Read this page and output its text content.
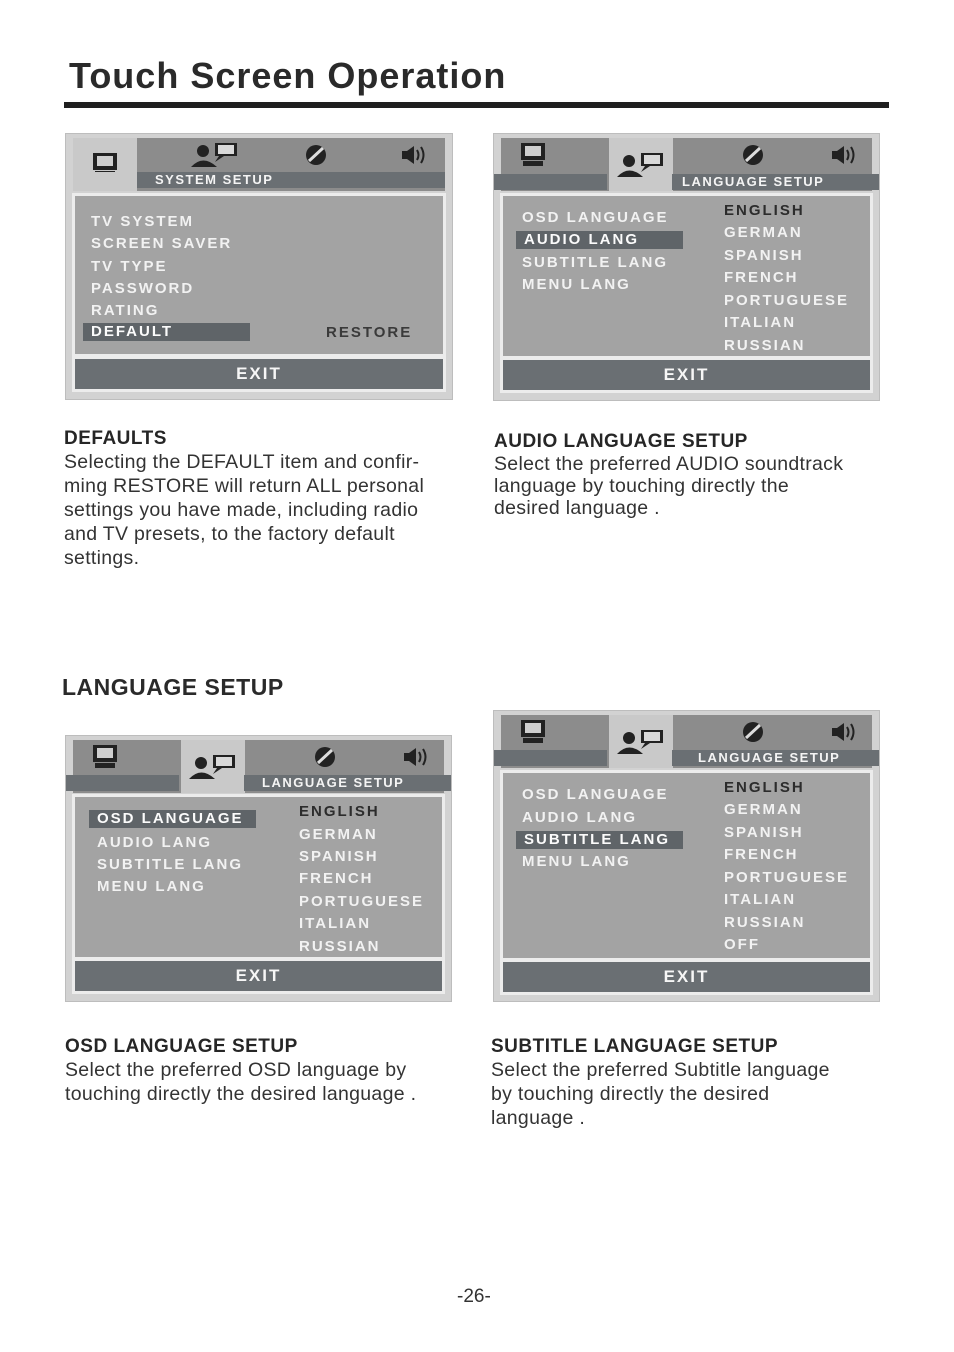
Touch Screen Operation
SYSTEM SETUP
TV SYSTEM
SCREEN SAVER
TV TYPE
PASSWORD
RATING
DEFAULT	RESTORE
EXIT
LANGUAGE SETUP
OSD LANGUAGE
AUDIO LANG
SUBTITLE LANG
MENU LANG
ENGLISH
GERMAN
SPANISH
FRENCH
PORTUGUESE
ITALIAN
RUSSIAN
EXIT

DEFAULTS

Selecting the DEFAULT item and confir-

ming RESTORE will return ALL personal

settings you have made, including radio

and TV presets, to the factory default

settings.

AUDIO LANGUAGE SETUP

Select the preferred AUDIO soundtrack

language by touching directly the

desired language .

LANGUAGE SETUP
LANGUAGE SETUP
OSD LANGUAGE
AUDIO LANG
SUBTITLE LANG
MENU LANG
ENGLISH
GERMAN
SPANISH
FRENCH
PORTUGUESE
ITALIAN
RUSSIAN
EXIT
LANGUAGE SETUP
OSD LANGUAGE
AUDIO LANG
SUBTITLE LANG
MENU LANG
ENGLISH
GERMAN
SPANISH
FRENCH
PORTUGUESE
ITALIAN
RUSSIAN
OFF
EXIT

OSD LANGUAGE SETUP

Select the preferred OSD language by

touching directly the desired language .

SUBTITLE LANGUAGE SETUP

Select the preferred Subtitle language

by touching directly the desired

language .

-26-
